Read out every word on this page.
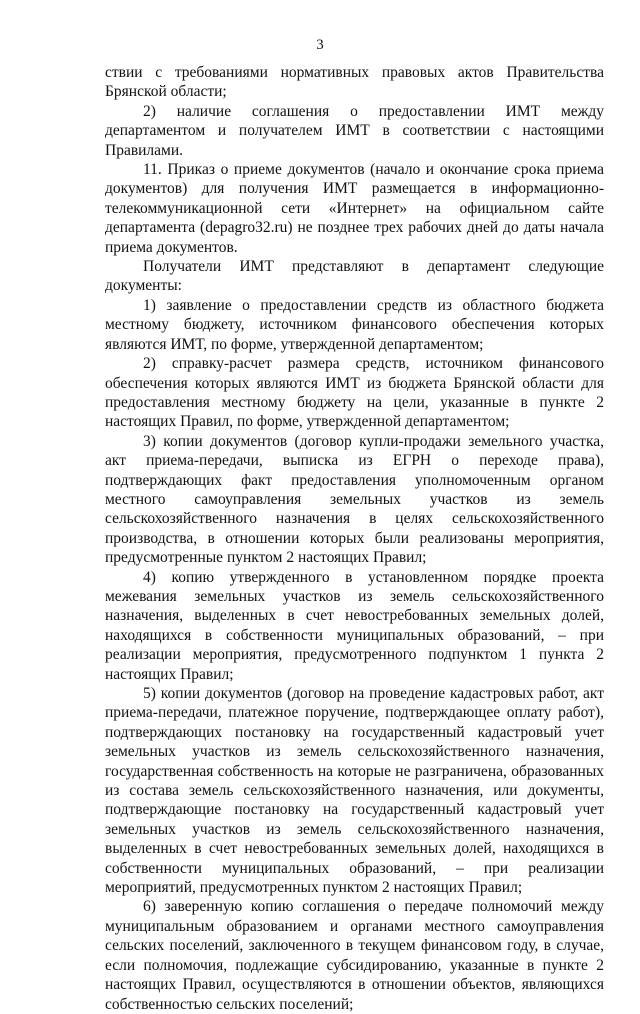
3

ствии с требованиями нормативных правовых актов Правительства Брянской области;

2) наличие соглашения о предоставлении ИМТ между департаментом и получателем ИМТ в соответствии с настоящими Правилами.

11. Приказ о приеме документов (начало и окончание срока приема документов) для получения ИМТ размещается в информационно-телекоммуникационной сети «Интернет» на официальном сайте департамента (depagro32.ru) не позднее трех рабочих дней до даты начала приема документов.

Получатели ИМТ представляют в департамент следующие документы:

1) заявление о предоставлении средств из областного бюджета местному бюджету, источником финансового обеспечения которых являются ИМТ, по форме, утвержденной департаментом;

2) справку-расчет размера средств, источником финансового обеспечения которых являются ИМТ из бюджета Брянской области для предоставления местному бюджету на цели, указанные в пункте 2 настоящих Правил, по форме, утвержденной департаментом;

3) копии документов (договор купли-продажи земельного участка, акт приема-передачи, выписка из ЕГРН о переходе права), подтверждающих факт предоставления уполномоченным органом местного самоуправления земельных участков из земель сельскохозяйственного назначения в целях сельскохозяйственного производства, в отношении которых были реализованы мероприятия, предусмотренные пунктом 2 настоящих Правил;

4) копию утвержденного в установленном порядке проекта межевания земельных участков из земель сельскохозяйственного назначения, выделенных в счет невостребованных земельных долей, находящихся в собственности муниципальных образований, – при реализации мероприятия, предусмотренного подпунктом 1 пункта 2 настоящих Правил;

5) копии документов (договор на проведение кадастровых работ, акт приема-передачи, платежное поручение, подтверждающее оплату работ), подтверждающих постановку на государственный кадастровый учет земельных участков из земель сельскохозяйственного назначения, государственная собственность на которые не разграничена, образованных из состава земель сельскохозяйственного назначения, или документы, подтверждающие постановку на государственный кадастровый учет земельных участков из земель сельскохозяйственного назначения, выделенных в счет невостребованных земельных долей, находящихся в собственности муниципальных образований, – при реализации мероприятий, предусмотренных пунктом 2 настоящих Правил;

6) заверенную копию соглашения о передаче полномочий между муниципальным образованием и органами местного самоуправления сельских поселений, заключенного в текущем финансовом году, в случае, если полномочия, подлежащие субсидированию, указанные в пункте 2 настоящих Правил, осуществляются в отношении объектов, являющихся собственностью сельских поселений;
